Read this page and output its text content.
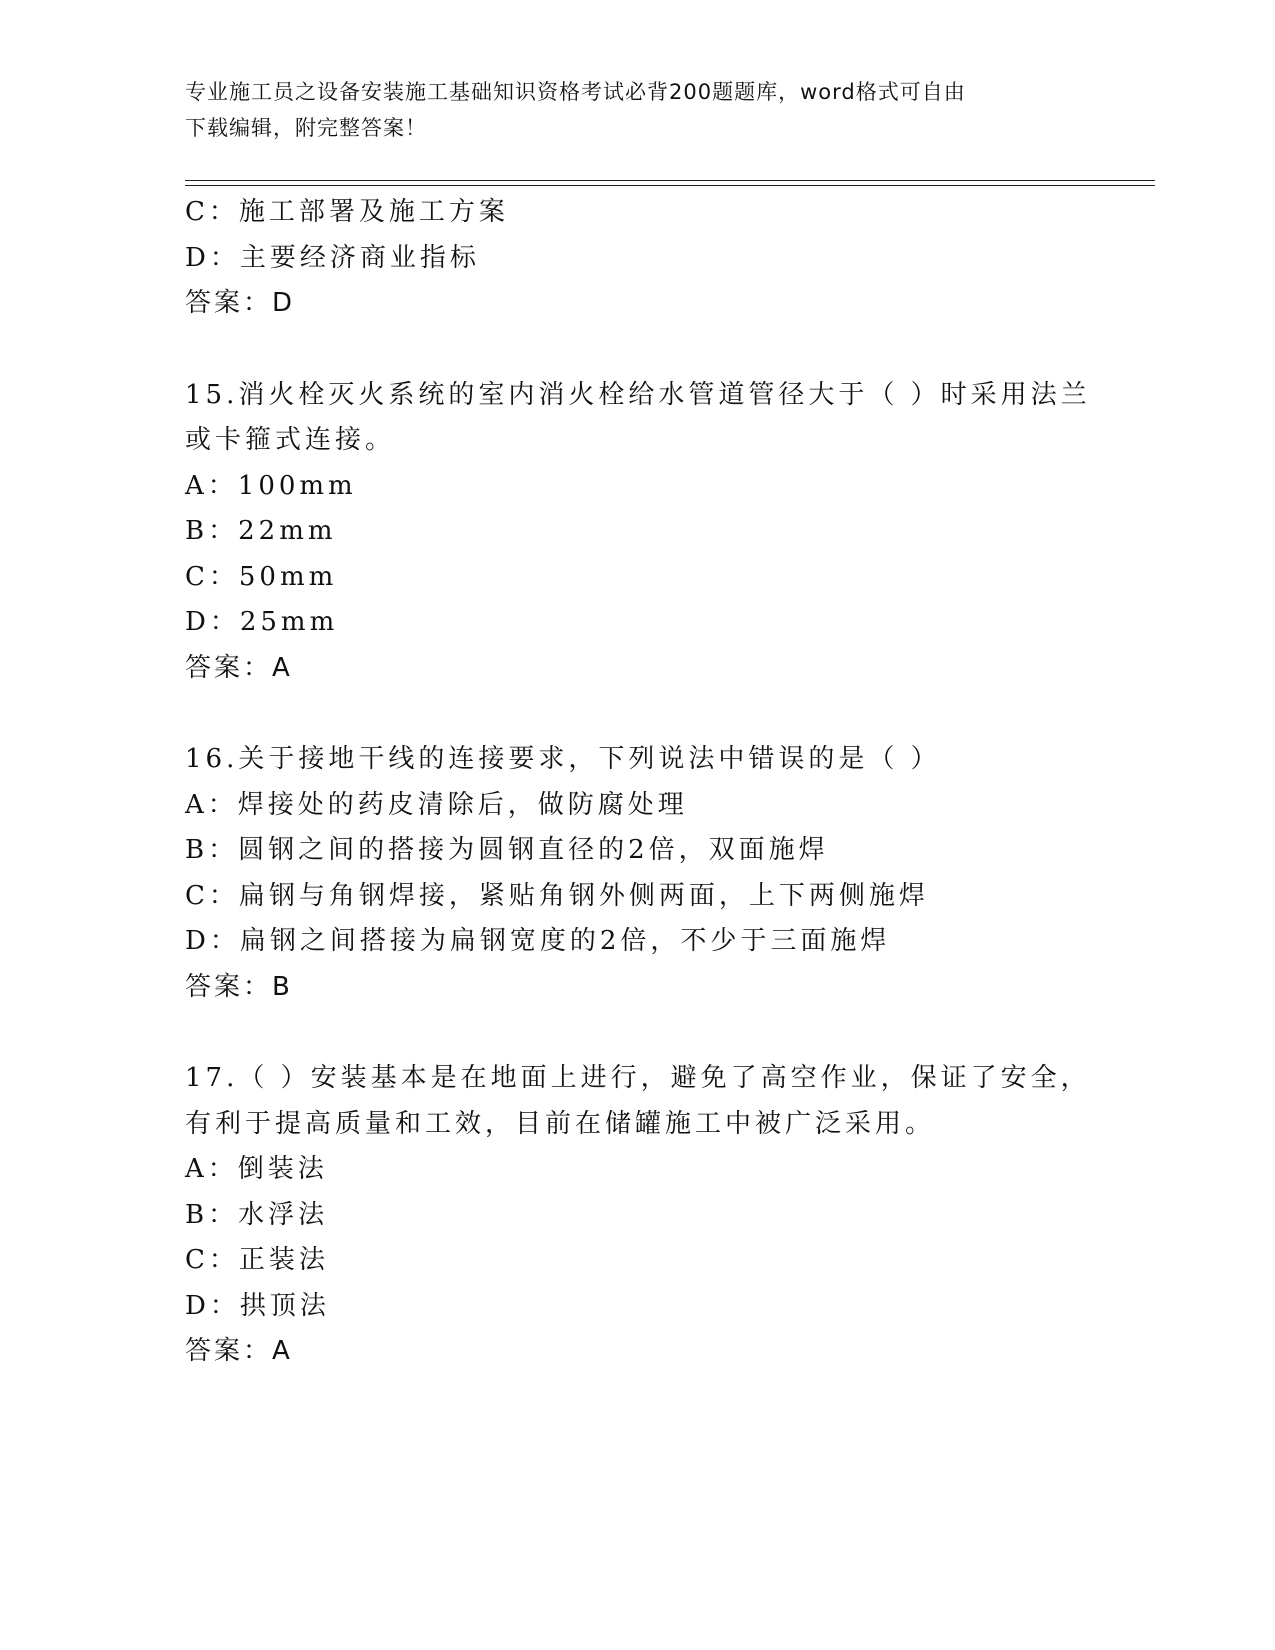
专业施工员之设备安装施工基础知识资格考试必背200题题库，word格式可自由
下载编辑，附完整答案！
C：施工部署及施工方案
D：主要经济商业指标
答案：D
15.消火栓灭火系统的室内消火栓给水管道管径大于（ ）时采用法兰
或卡箍式连接。
A：100mm
B：22mm
C：50mm
D：25mm
答案：A
16.关于接地干线的连接要求，下列说法中错误的是（ ）
A：焊接处的药皮清除后，做防腐处理
B：圆钢之间的搭接为圆钢直径的2倍，双面施焊
C：扁钢与角钢焊接，紧贴角钢外侧两面，上下两侧施焊
D：扁钢之间搭接为扁钢宽度的2倍，不少于三面施焊
答案：B
17.（ ）安装基本是在地面上进行，避免了高空作业，保证了安全，
有利于提高质量和工效，目前在储罐施工中被广泛采用。
A：倒装法
B：水浮法
C：正装法
D：拱顶法
答案：A
